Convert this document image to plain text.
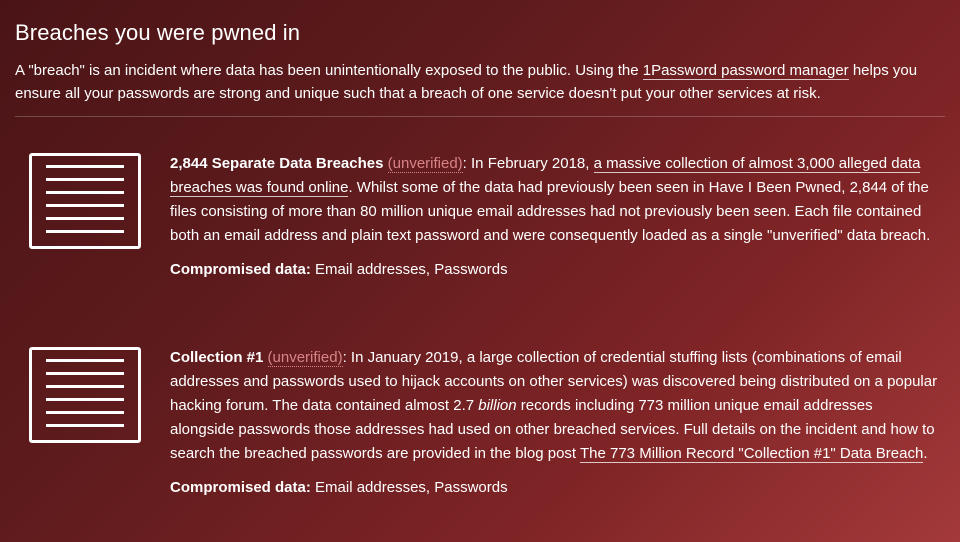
Breaches you were pwned in

A "breach" is an incident where data has been unintentionally exposed to the public. Using the 1Password password manager helps you ensure all your passwords are strong and unique such that a breach of one service doesn't put your other services at risk.

2,844 Separate Data Breaches (unverified): In February 2018, a massive collection of almost 3,000 alleged data breaches was found online. Whilst some of the data had previously been seen in Have I Been Pwned, 2,844 of the files consisting of more than 80 million unique email addresses had not previously been seen. Each file contained both an email address and plain text password and were consequently loaded as a single "unverified" data breach.

Compromised data: Email addresses, Passwords

Collection #1 (unverified): In January 2019, a large collection of credential stuffing lists (combinations of email addresses and passwords used to hijack accounts on other services) was discovered being distributed on a popular hacking forum. The data contained almost 2.7 billion records including 773 million unique email addresses alongside passwords those addresses had used on other breached services. Full details on the incident and how to search the breached passwords are provided in the blog post The 773 Million Record "Collection #1" Data Breach.

Compromised data: Email addresses, Passwords
